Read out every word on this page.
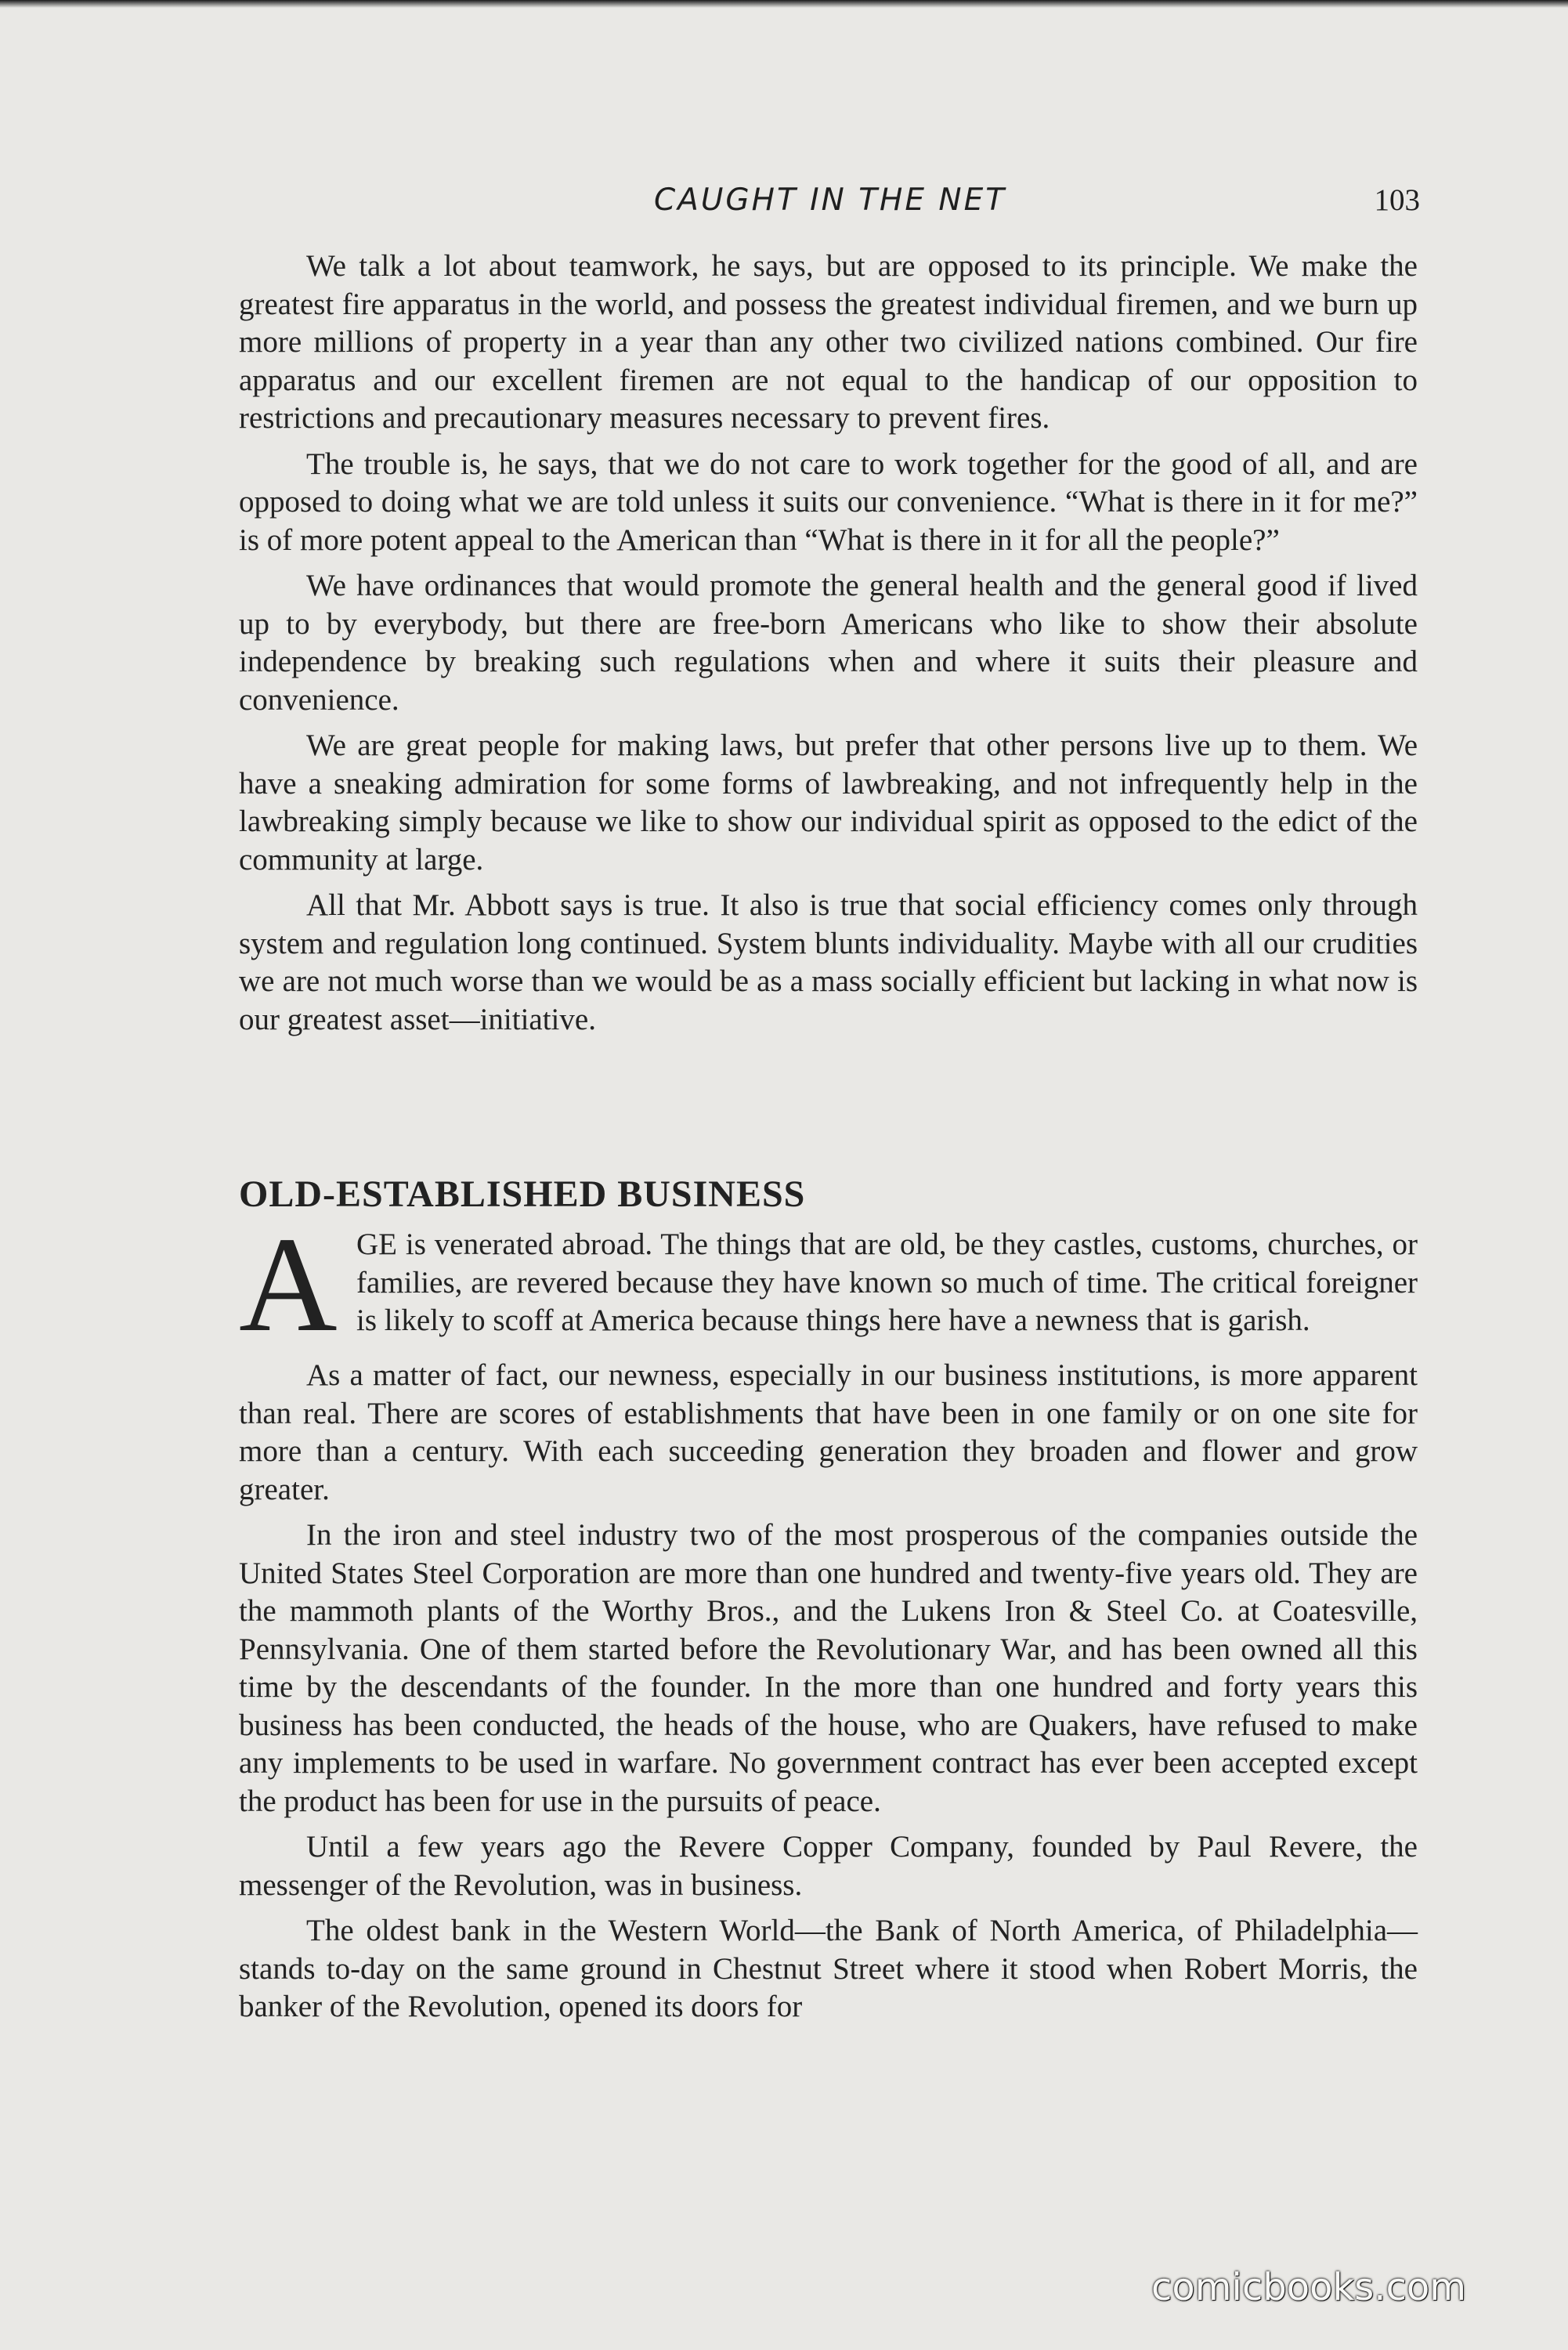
CAUGHT IN THE NET	103

We talk a lot about teamwork, he says, but are opposed to its principle. We make the greatest fire apparatus in the world, and possess the greatest individual firemen, and we burn up more millions of property in a year than any other two civilized nations combined. Our fire apparatus and our excellent firemen are not equal to the handicap of our opposition to restrictions and precautionary measures necessary to prevent fires.

The trouble is, he says, that we do not care to work together for the good of all, and are opposed to doing what we are told unless it suits our convenience. “What is there in it for me?” is of more potent appeal to the American than “What is there in it for all the people?”

We have ordinances that would promote the general health and the general good if lived up to by everybody, but there are free-born Americans who like to show their absolute independence by breaking such regulations when and where it suits their pleasure and convenience.

We are great people for making laws, but prefer that other persons live up to them. We have a sneaking admiration for some forms of lawbreaking, and not infrequently help in the lawbreaking simply because we like to show our individual spirit as opposed to the edict of the community at large.

All that Mr. Abbott says is true. It also is true that social efficiency comes only through system and regulation long continued. System blunts individuality. Maybe with all our crudities we are not much worse than we would be as a mass socially efficient but lacking in what now is our greatest asset—initiative.

OLD-ESTABLISHED BUSINESS

AGE is venerated abroad. The things that are old, be they castles, customs, churches, or families, are revered because they have known so much of time. The critical foreigner is likely to scoff at America because things here have a newness that is garish.

As a matter of fact, our newness, especially in our business institutions, is more apparent than real. There are scores of establishments that have been in one family or on one site for more than a century. With each succeeding generation they broaden and flower and grow greater.

In the iron and steel industry two of the most prosperous of the companies outside the United States Steel Corporation are more than one hundred and twenty-five years old. They are the mammoth plants of the Worthy Bros., and the Lukens Iron & Steel Co. at Coatesville, Pennsylvania. One of them started before the Revolutionary War, and has been owned all this time by the descendants of the founder. In the more than one hundred and forty years this business has been conducted, the heads of the house, who are Quakers, have refused to make any implements to be used in warfare. No government contract has ever been accepted except the product has been for use in the pursuits of peace.

Until a few years ago the Revere Copper Company, founded by Paul Revere, the messenger of the Revolution, was in business.

The oldest bank in the Western World—the Bank of North America, of Philadelphia—stands to-day on the same ground in Chestnut Street where it stood when Robert Morris, the banker of the Revolution, opened its doors for

comicbooks.com
